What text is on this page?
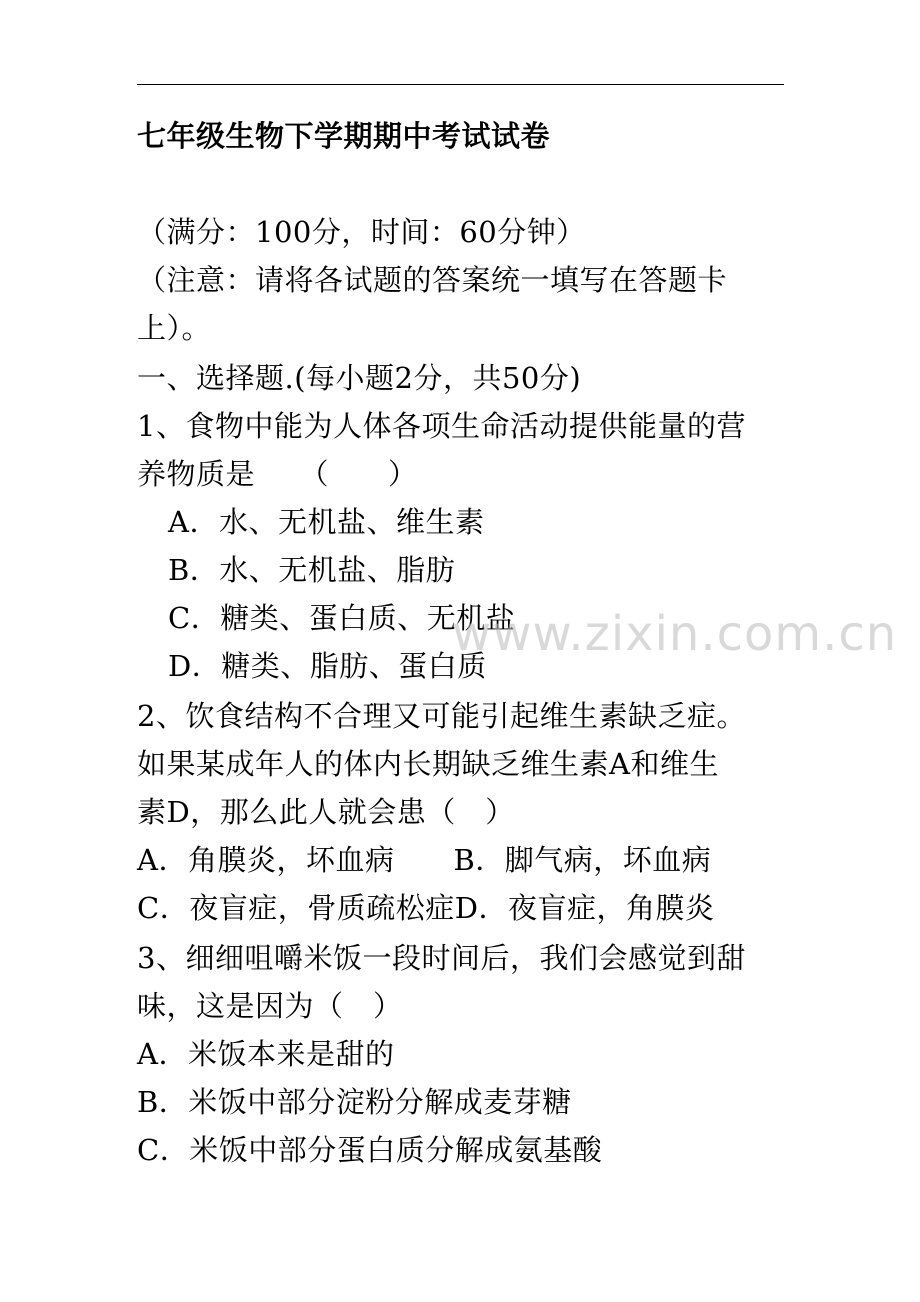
七年级生物下学期期中考试试卷

（满分：100分，时间：60分钟）

（注意：请将各试题的答案统一填写在答题卡

上）。

一、选择题.(每小题2分，共50分)

1、食物中能为人体各项生命活动提供能量的营

养物质是　　（　　）

A．水、无机盐、维生素

B．水、无机盐、脂肪

C．糖类、蛋白质、无机盐

D．糖类、脂肪、蛋白质

2、饮食结构不合理又可能引起维生素缺乏症。

如果某成年人的体内长期缺乏维生素A和维生

素D，那么此人就会患（　）

A．角膜炎，坏血病　　B．脚气病，坏血病

C．夜盲症，骨质疏松症D．夜盲症，角膜炎

3、细细咀嚼米饭一段时间后，我们会感觉到甜

味，这是因为（　）

A．米饭本来是甜的

B．米饭中部分淀粉分解成麦芽糖

C．米饭中部分蛋白质分解成氨基酸

www.zixin.com.cn
